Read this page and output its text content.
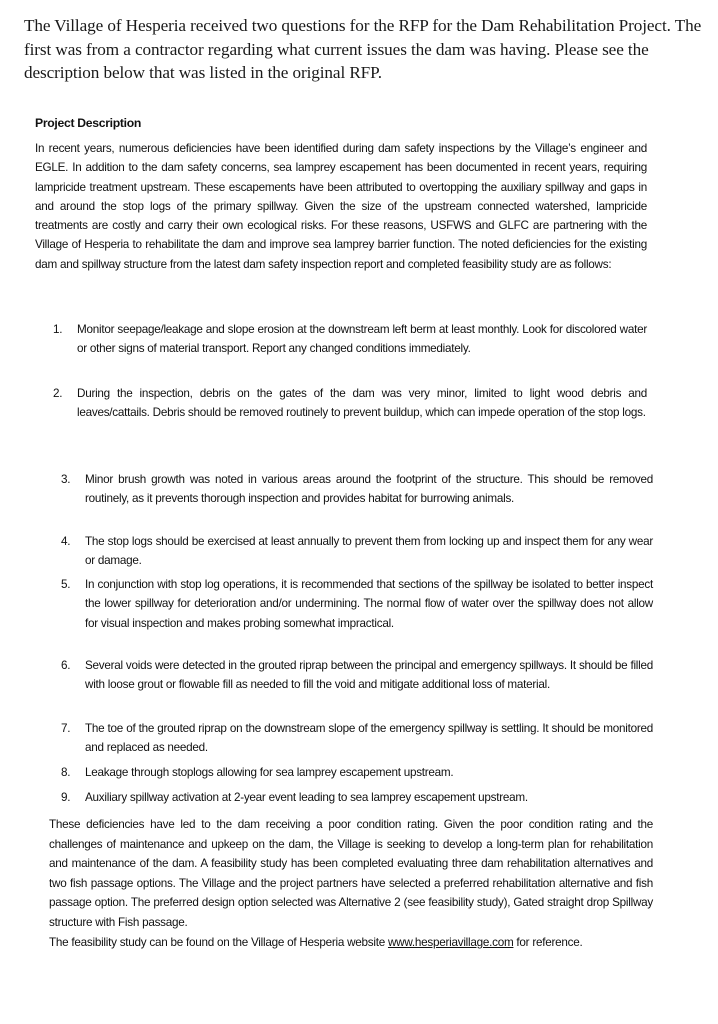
The Village of Hesperia received two questions for the RFP for the Dam Rehabilitation Project. The first was from a contractor regarding what current issues the dam was having. Please see the description below that was listed in the original RFP.

Project Description

In recent years, numerous deficiencies have been identified during dam safety inspections by the Village’s engineer and EGLE. In addition to the dam safety concerns, sea lamprey escapement has been documented in recent years, requiring lampricide treatment upstream. These escapements have been attributed to overtopping the auxiliary spillway and gaps in and around the stop logs of the primary spillway. Given the size of the upstream connected watershed, lampricide treatments are costly and carry their own ecological risks. For these reasons, USFWS and GLFC are partnering with the Village of Hesperia to rehabilitate the dam and improve sea lamprey barrier function. The noted deficiencies for the existing dam and spillway structure from the latest dam safety inspection report and completed feasibility study are as follows:

1.	Monitor seepage/leakage and slope erosion at the downstream left berm at least monthly. Look for discolored water or other signs of material transport. Report any changed conditions immediately.
2.	During the inspection, debris on the gates of the dam was very minor, limited to light wood debris and leaves/cattails. Debris should be removed routinely to prevent buildup, which can impede operation of the stop logs.
3.	Minor brush growth was noted in various areas around the footprint of the structure. This should be removed routinely, as it prevents thorough inspection and provides habitat for burrowing animals.
4.	The stop logs should be exercised at least annually to prevent them from locking up and inspect them for any wear or damage.
5.	In conjunction with stop log operations, it is recommended that sections of the spillway be isolated to better inspect the lower spillway for deterioration and/or undermining. The normal flow of water over the spillway does not allow for visual inspection and makes probing somewhat impractical.
6.	Several voids were detected in the grouted riprap between the principal and emergency spillways. It should be filled with loose grout or flowable fill as needed to fill the void and mitigate additional loss of material.
7.	The toe of the grouted riprap on the downstream slope of the emergency spillway is settling. It should be monitored and replaced as needed.
8.	Leakage through stoplogs allowing for sea lamprey escapement upstream.
9.	Auxiliary spillway activation at 2-year event leading to sea lamprey escapement upstream.

These deficiencies have led to the dam receiving a poor condition rating. Given the poor condition rating and the challenges of maintenance and upkeep on the dam, the Village is seeking to develop a long-term plan for rehabilitation and maintenance of the dam. A feasibility study has been completed evaluating three dam rehabilitation alternatives and two fish passage options. The Village and the project partners have selected a preferred rehabilitation alternative and fish passage option. The preferred design option selected was Alternative 2 (see feasibility study), Gated straight drop Spillway structure with Fish passage.

The feasibility study can be found on the Village of Hesperia website www.hesperiavillage.com for reference.
